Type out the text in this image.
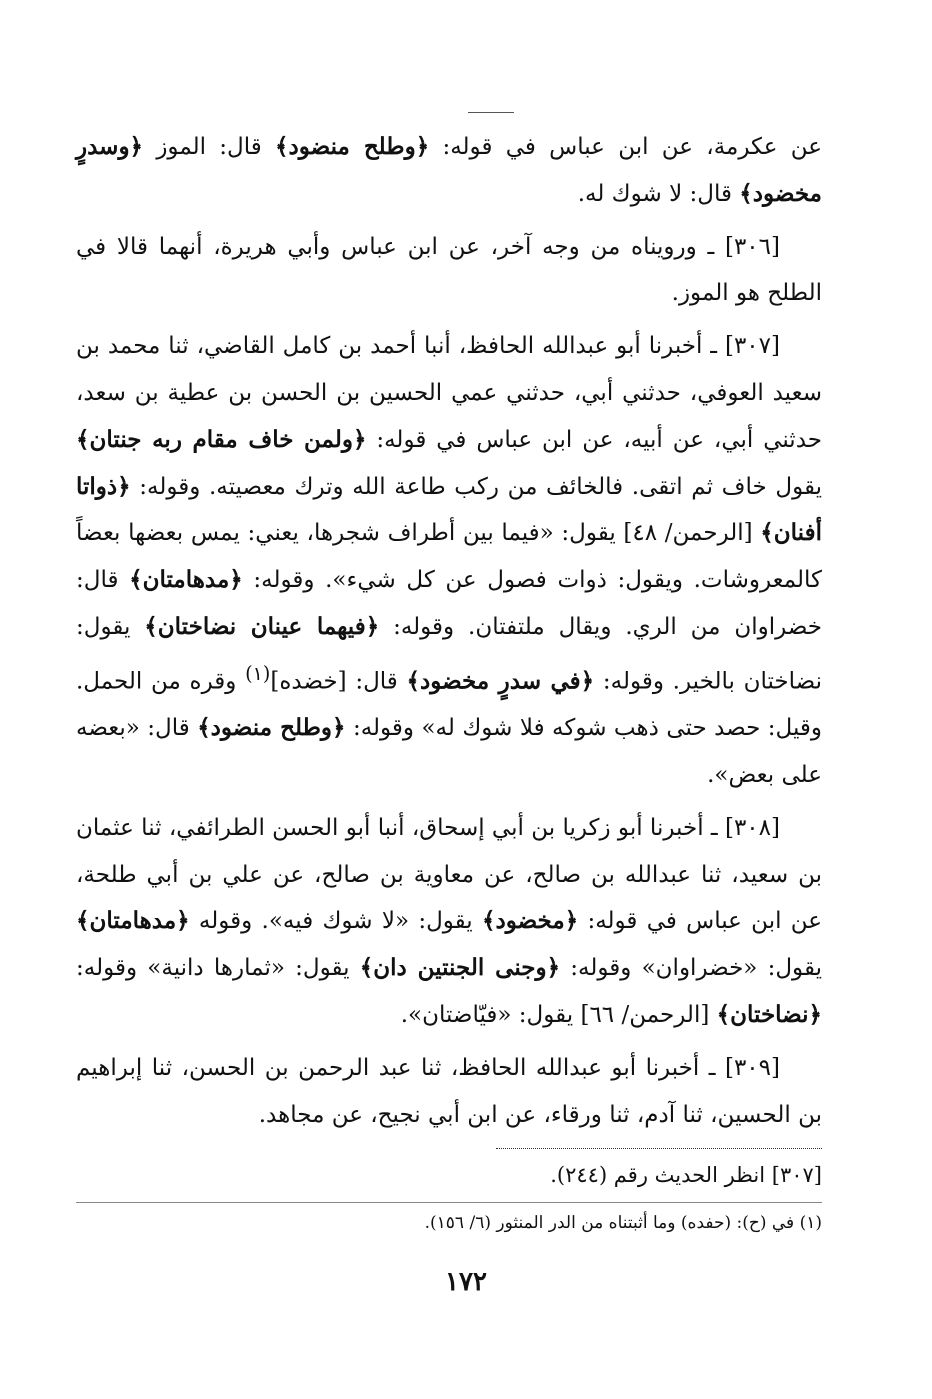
عن عكرمة، عن ابن عباس في قوله: ﴿وطلح منضود﴾ قال: الموز ﴿وسدرٍ مخضود﴾ قال: لا شوك له.

[٣٠٦] ـ ورويناه من وجه آخر، عن ابن عباس وأبي هريرة، أنهما قالا في الطلح هو الموز.

[٣٠٧] ـ أخبرنا أبو عبدالله الحافظ، أنبا أحمد بن كامل القاضي، ثنا محمد بن سعيد العوفي، حدثني أبي، حدثني عمي الحسين بن الحسن بن عطية بن سعد، حدثني أبي، عن أبيه، عن ابن عباس في قوله: ﴿ولمن خاف مقام ربه جنتان﴾ يقول خاف ثم اتقى. فالخائف من ركب طاعة الله وترك معصيته. وقوله: ﴿ذواتا أفنان﴾ [الرحمن/ ٤٨] يقول: «فيما بين أطراف شجرها، يعني: يمس بعضها بعضاً كالمعروشات. ويقول: ذوات فصول عن كل شيء». وقوله: ﴿مدهامتان﴾ قال: خضراوان من الري. ويقال ملتفتان. وقوله: ﴿فيهما عينان نضاختان﴾ يقول: نضاختان بالخير. وقوله: ﴿في سدرٍ مخضود﴾ قال: [خضده]$^{(١)}$ وقره من الحمل. وقيل: حصد حتى ذهب شوكه فلا شوك له» وقوله: ﴿وطلح منضود﴾ قال: «بعضه على بعض».

[٣٠٨] ـ أخبرنا أبو زكريا بن أبي إسحاق، أنبا أبو الحسن الطرائفي، ثنا عثمان بن سعيد، ثنا عبدالله بن صالح، عن معاوية بن صالح، عن علي بن أبي طلحة، عن ابن عباس في قوله: ﴿مخضود﴾ يقول: «لا شوك فيه». وقوله ﴿مدهامتان﴾ يقول: «خضراوان» وقوله: ﴿وجنى الجنتين دان﴾ يقول: «ثمارها دانية» وقوله: ﴿نضاختان﴾ [الرحمن/ ٦٦] يقول: «فيّاضتان».

[٣٠٩] ـ أخبرنا أبو عبدالله الحافظ، ثنا عبد الرحمن بن الحسن، ثنا إبراهيم بن الحسين، ثنا آدم، ثنا ورقاء، عن ابن أبي نجيح، عن مجاهد.

[٣٠٧] انظر الحديث رقم (٢٤٤).
(١) في (ح): (حفده) وما أثبتناه من الدر المنثور (٦/ ١٥٦).
١٧٢
